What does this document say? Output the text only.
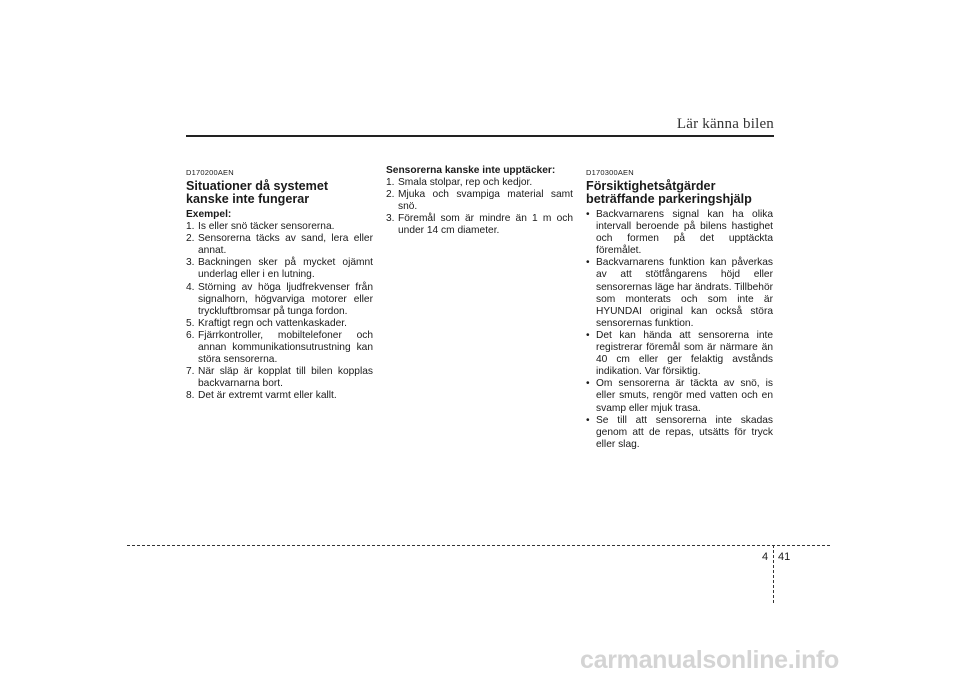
Lär känna bilen
D170200AEN
Situationer då systemet kanske inte fungerar
Exempel:
1. Is eller snö täcker sensorerna.
2. Sensorerna täcks av sand, lera eller annat.
3. Backningen sker på mycket ojämnt underlag eller i en lutning.
4. Störning av höga ljudfrekvenser från signalhorn, högvarviga motorer eller tryckluftbromsar på tunga fordon.
5. Kraftigt regn och vattenkaskader.
6. Fjärrkontroller, mobiltelefoner och annan kommunikationsutrustning kan störa sensorerna.
7. När släp är kopplat till bilen kopplas backvarnarna bort.
8. Det är extremt varmt eller kallt.
Sensorerna kanske inte upptäcker:
1. Smala stolpar, rep och kedjor.
2. Mjuka och svampiga material samt snö.
3. Föremål som är mindre än 1 m och under 14 cm diameter.
D170300AEN
Försiktighetsåtgärder beträffande parkeringshjälp
• Backvarnarens signal kan ha olika intervall beroende på bilens hastighet och formen på det upptäckta föremålet.
• Backvarnarens funktion kan påverkas av att stötfångarens höjd eller sensorernas läge har ändrats. Tillbehör som monterats och som inte är HYUNDAI original kan också störa sensorernas funktion.
• Det kan hända att sensorerna inte registrerar föremål som är närmare än 40 cm eller ger felaktig avstånds indikation. Var försiktig.
• Om sensorerna är täckta av snö, is eller smuts, rengör med vatten och en svamp eller mjuk trasa.
• Se till att sensorerna inte skadas genom att de repas, utsätts för tryck eller slag.
4 41
carmanualsonline.info
